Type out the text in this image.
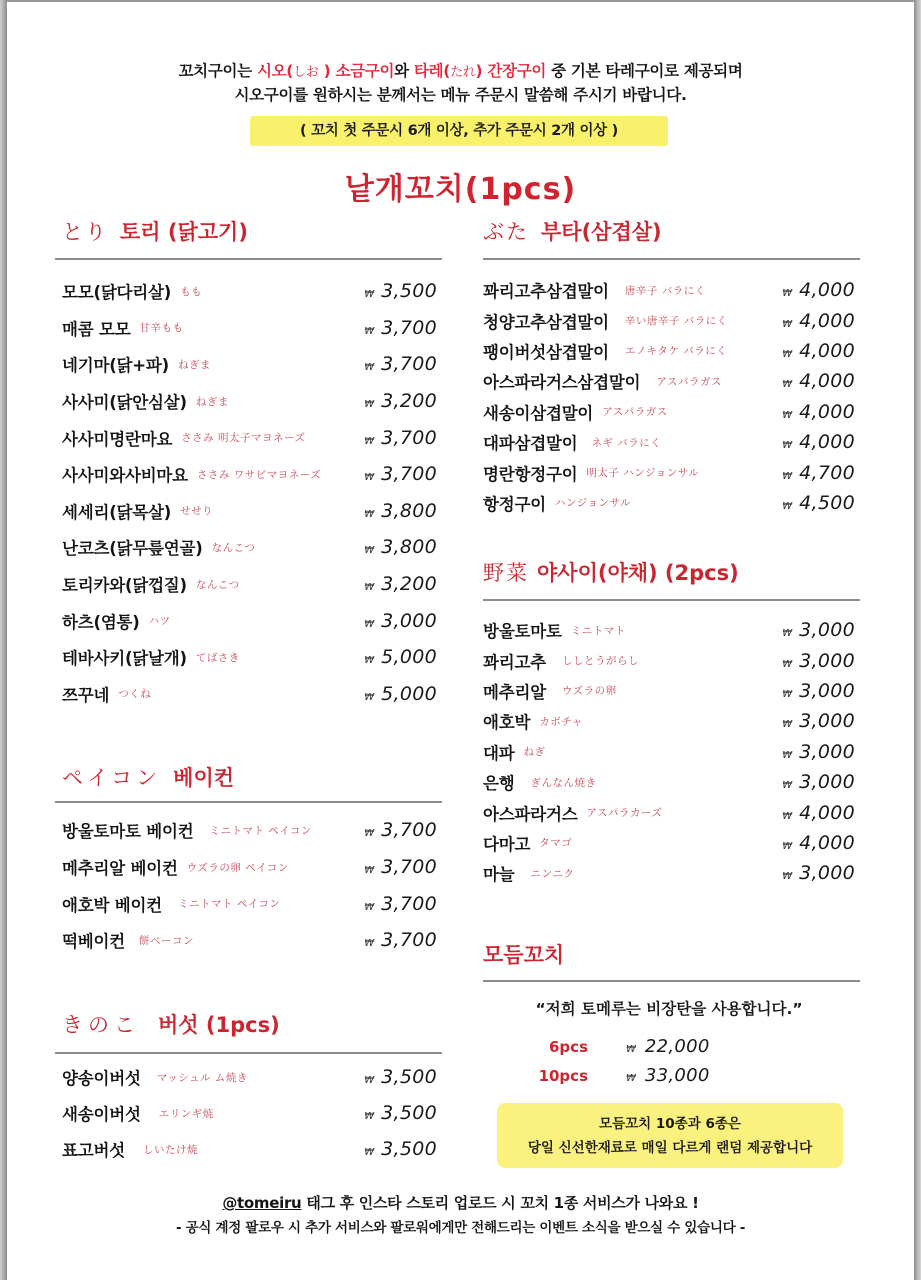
꼬치구이는 시오(しお ) 소금구이와 타레(たれ) 간장구이 중 기본 타레구이로 제공되며
시오구이를 원하시는 분께서는 메뉴 주문시 말씀해 주시기 바랍니다.
( 꼬치 첫 주문시 6개 이상, 추가 주문시 2개 이상 )
낱개꼬치(1pcs)
とり 토리 (닭고기)
모모(닭다리살) もも	₩ 3,500
매콤 모모 甘辛もも	₩ 3,700
네기마(닭+파) ねぎま	₩ 3,700
사사미(닭안심살) ねぎま	₩ 3,200
사사미명란마요 ささみ 明太子マヨネーズ	₩ 3,700
사사미와사비마요 ささみ ワサビマヨネーズ	₩ 3,700
세세리(닭목살) せせり	₩ 3,800
난코츠(닭무릎연골) なんこつ	₩ 3,800
토리카와(닭껍질) なんこつ	₩ 3,200
하츠(염통) ハツ	₩ 3,000
테바사키(닭날개) てばさき	₩ 5,000
쯔꾸네 つくね	₩ 5,000
ぶた 부타(삼겹살)
꽈리고추삼겹말이 唐辛子 バラにく	₩ 4,000
청양고추삼겹말이 辛い唐辛子 バラにく	₩ 4,000
팽이버섯삼겹말이 エノキタケ バラにく	₩ 4,000
아스파라거스삼겹말이 アスパラガス	₩ 4,000
새송이삼겹말이 アスパラガス	₩ 4,000
대파삼겹말이 ネギ バラにく	₩ 4,000
명란항정구이 明太子 ハンジョンサル	₩ 4,700
항정구이 ハンジョンサル	₩ 4,500
野菜 야사이(야채) (2pcs)
방울토마토 ミニトマト	₩ 3,000
꽈리고추 ししとうがらし	₩ 3,000
메추리알 ウズラの卵	₩ 3,000
애호박 カボチャ	₩ 3,000
대파 ねぎ	₩ 3,000
은행 ぎんなん焼き	₩ 3,000
아스파라거스 アスパラカーズ	₩ 4,000
다마고 タマゴ	₩ 4,000
마늘 ニンニク	₩ 3,000
ペイコン 베이컨
방울토마토 베이컨 ミニトマト ペイコン	₩ 3,700
메추리알 베이컨 ウズラの卵 ペイコン	₩ 3,700
애호박 베이컨 ミニトマト ペイコン	₩ 3,700
떡베이컨 餅ベーコン	₩ 3,700
きのこ 버섯 (1pcs)
양송이버섯 マッシュル ム焼き	₩ 3,500
새송이버섯 エリンギ焼	₩ 3,500
표고버섯 しいたけ焼	₩ 3,500
모듬꼬치
“저희 토메루는 비장탄을 사용합니다.”
6pcs	₩ 22,000
10pcs	₩ 33,000
모듬꼬치 10종과 6종은
당일 신선한재료로 매일 다르게 랜덤 제공합니다
@tomeiru 태그 후 인스타 스토리 업로드 시 꼬치 1종 서비스가 나와요 !
- 공식 계정 팔로우 시 추가 서비스와 팔로워에게만 전해드리는 이벤트 소식을 받으실 수 있습니다 -
